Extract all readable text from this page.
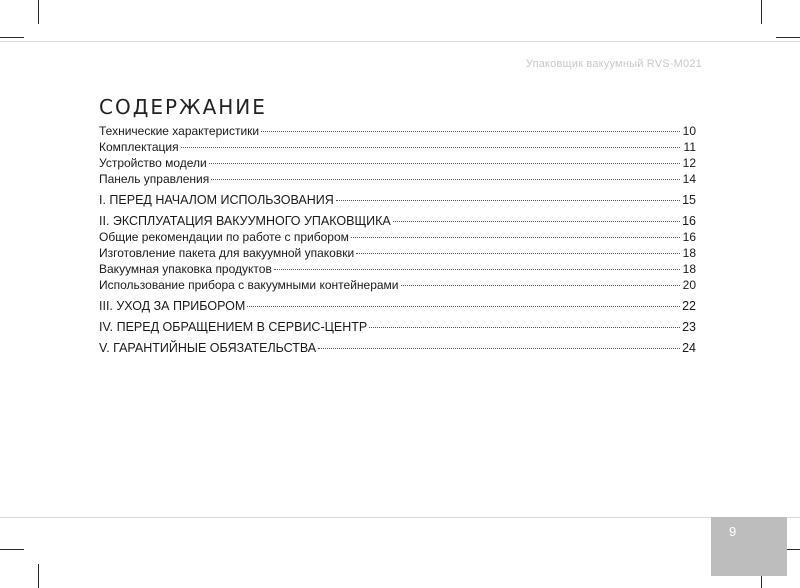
Упаковщик вакуумный RVS-M021
СОДЕРЖАНИЕ
Технические характеристики	10
Комплектация	11
Устройство модели	12
Панель управления	14
I. ПЕРЕД НАЧАЛОМ ИСПОЛЬЗОВАНИЯ	15
II. ЭКСПЛУАТАЦИЯ ВАКУУМНОГО УПАКОВЩИКА	16
Общие рекомендации по работе с прибором	16
Изготовление пакета для вакуумной упаковки	18
Вакуумная упаковка продуктов	18
Использование прибора с вакуумными контейнерами	20
III. УХОД ЗА ПРИБОРОМ	22
IV. ПЕРЕД ОБРАЩЕНИЕМ В СЕРВИС-ЦЕНТР	23
V. ГАРАНТИЙНЫЕ ОБЯЗАТЕЛЬСТВА	24
9
